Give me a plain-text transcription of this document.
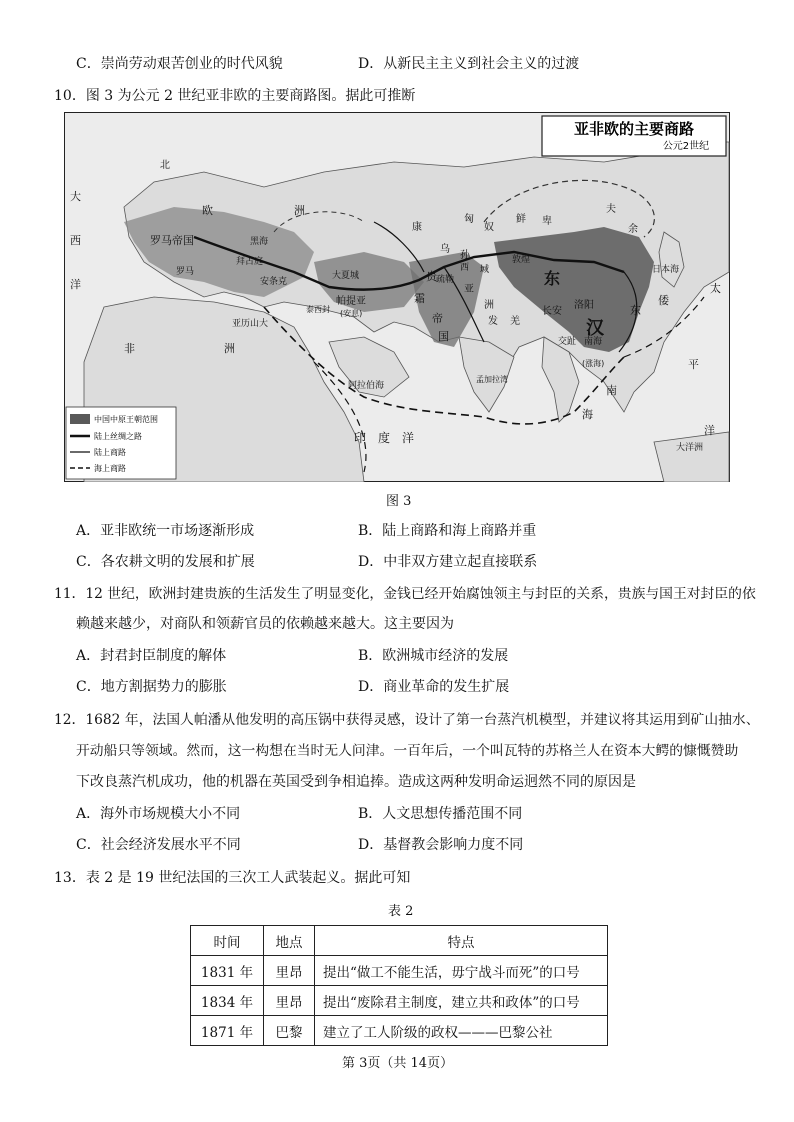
C．崇尚劳动艰苦创业的时代风貌	D．从新民主主义到社会主义的过渡
10．图 3 为公元 2 世纪亚非欧的主要商路图。据此可推断
亚非欧的主要商路
公元2世纪
中国中原王朝范围
陆上丝绸之路
陆上商路
海上商路
北
欧	洲
大
西
洋
罗马帝国
拜占庭
罗马
安条克
亚历山大
黑海
非	洲
大夏城
帕提亚
(安息)
泰西封
贵
霜
帝
国
康
乌
孙
匈
奴
鲜 卑
西 域
疏勒
敦煌
亚
洲
发 羌
东
长安
洛阳
汉
交趾 南海
(涨海)
南
海
夫
余
日本海
倭
东
太
平
洋
大洋洲
阿拉伯海
孟加拉湾
印　度　洋
图 3
A．亚非欧统一市场逐渐形成	B．陆上商路和海上商路并重
C．各农耕文明的发展和扩展	D．中非双方建立起直接联系
11．12 世纪，欧洲封建贵族的生活发生了明显变化，金钱已经开始腐蚀领主与封臣的关系，贵族与国王对封臣的依
赖越来越少，对商队和领薪官员的依赖越来越大。这主要因为
A．封君封臣制度的解体	B．欧洲城市经济的发展
C．地方割据势力的膨胀	D．商业革命的发生扩展
12．1682 年，法国人帕潘从他发明的高压锅中获得灵感，设计了第一台蒸汽机模型，并建议将其运用到矿山抽水、
开动船只等领域。然而，这一构想在当时无人问津。一百年后，一个叫瓦特的苏格兰人在资本大鳄的慷慨赞助
下改良蒸汽机成功，他的机器在英国受到争相追捧。造成这两种发明命运迥然不同的原因是
A．海外市场规模大小不同	B．人文思想传播范围不同
C．社会经济发展水平不同	D．基督教会影响力度不同
13．表 2 是 19 世纪法国的三次工人武装起义。据此可知
表 2
时间	地点	特点
1831 年	里昂	提出“做工不能生活，毋宁战斗而死”的口号
1834 年	里昂	提出“废除君主制度，建立共和政体”的口号
1871 年	巴黎	建立了工人阶级的政权———巴黎公社
第 3页（共 14页）
